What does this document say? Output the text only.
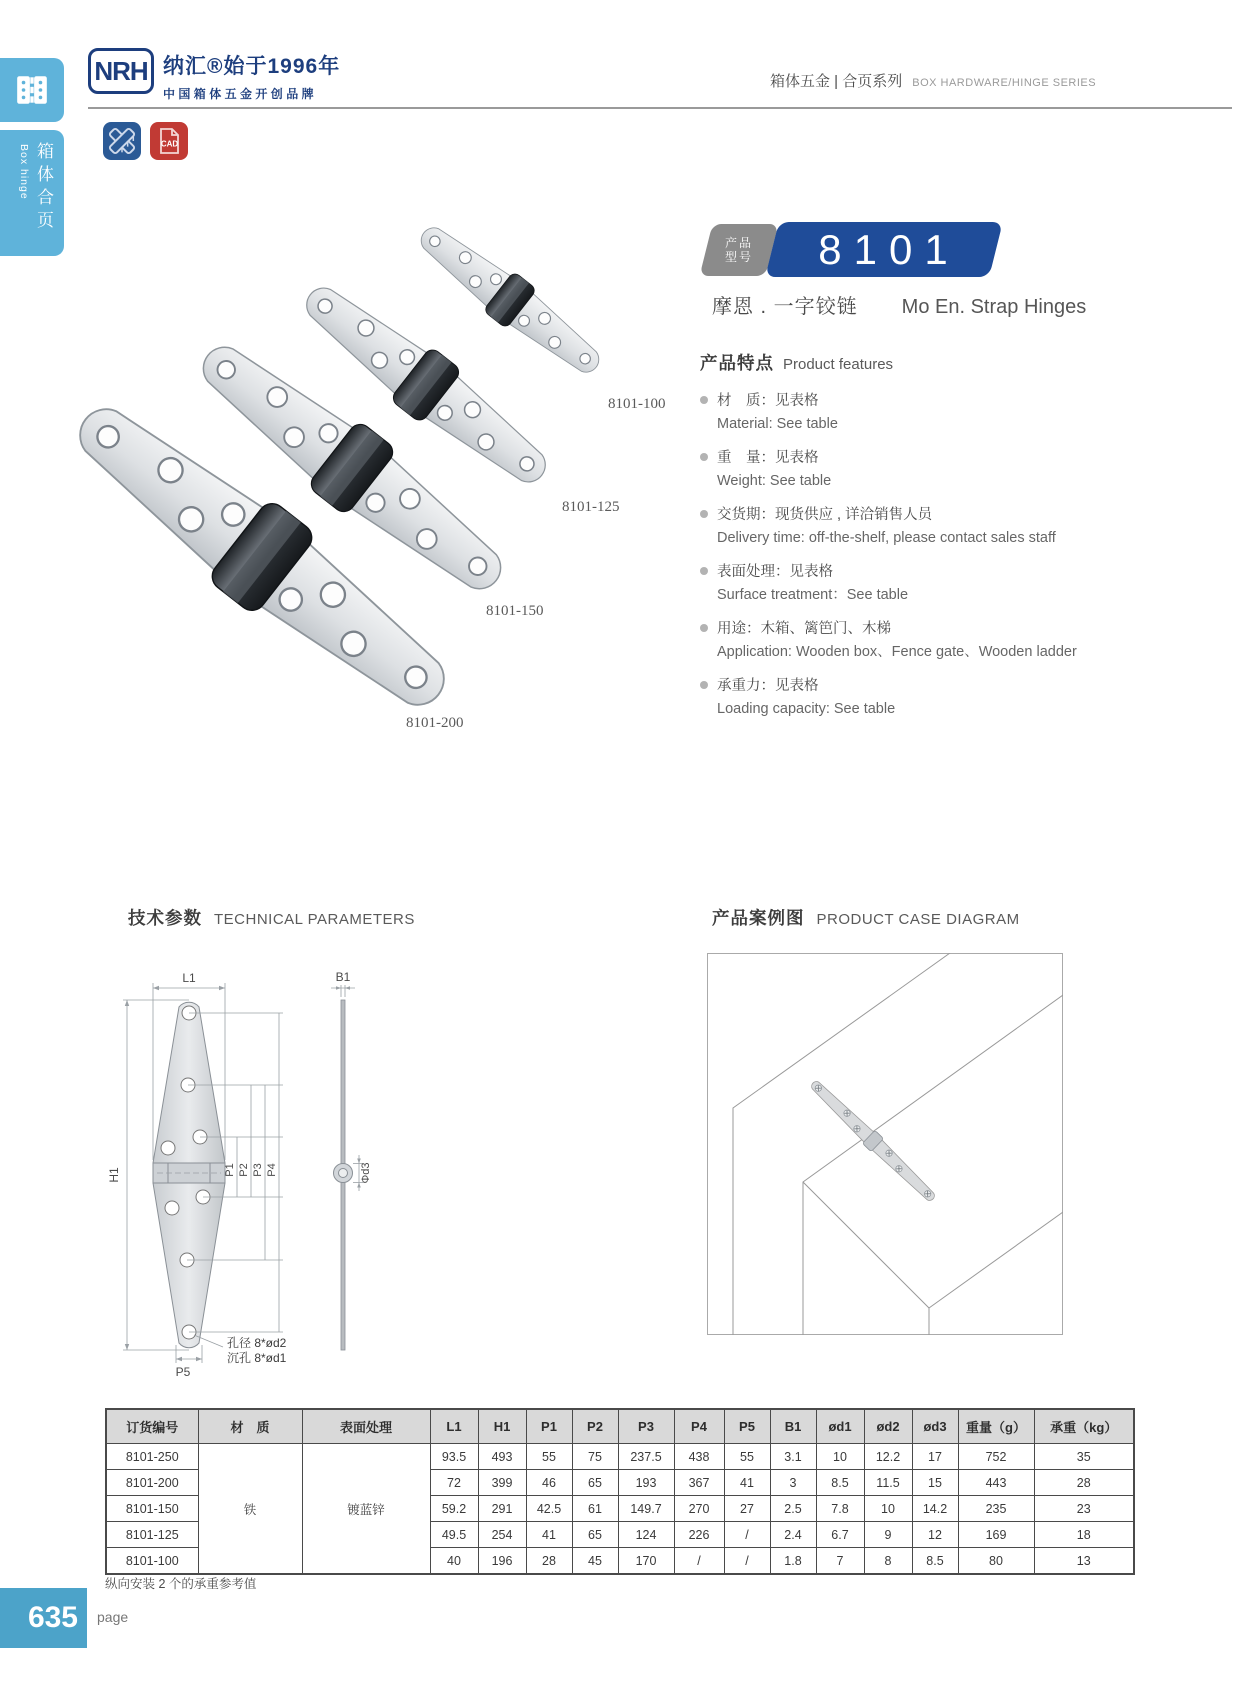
箱体合页
Box hinge
NRH 纳汇®始于1996年
中国箱体五金开创品牌
箱体五金 | 合页系列 BOX HARDWARE/HINGE SERIES
CAD
8101-100
8101-125
8101-150
8101-200
产品
型号	8101
摩恩 . 一字铰链 Mo En. Strap Hinges
产品特点 Product features
材　质：见表格
Material: See table
重　量：见表格
Weight: See table
交货期：现货供应 , 详洽销售人员
Delivery time: off-the-shelf, please contact sales staff
表面处理：见表格
Surface treatment：See table
用途：木箱、篱笆门、木梯
Application: Wooden box、Fence gate、Wooden ladder
承重力：见表格
Loading capacity: See table
技术参数 TECHNICAL PARAMETERS	产品案例图 PRODUCT CASE DIAGRAM
L1
H1	P1 P2 P3 P4
P5
孔径 8*ød2
沉孔 8*ød1
B1
Φd3
订货编号	材　质	表面处理	L1	H1	P1	P2	P3	P4	P5	B1	ød1	ød2	ød3	重量（g）	承重（kg）
8101-250	铁	镀蓝锌	93.5	493	55	75	237.5	438	55	3.1	10	12.2	17	752	35
8101-200			72	399	46	65	193	367	41	3	8.5	11.5	15	443	28
8101-150			59.2	291	42.5	61	149.7	270	27	2.5	7.8	10	14.2	235	23
8101-125			49.5	254	41	65	124	226	/	2.4	6.7	9	12	169	18
8101-100			40	196	28	45	170	/	/	1.8	7	8	8.5	80	13
纵向安装 2 个的承重参考值
635 page
